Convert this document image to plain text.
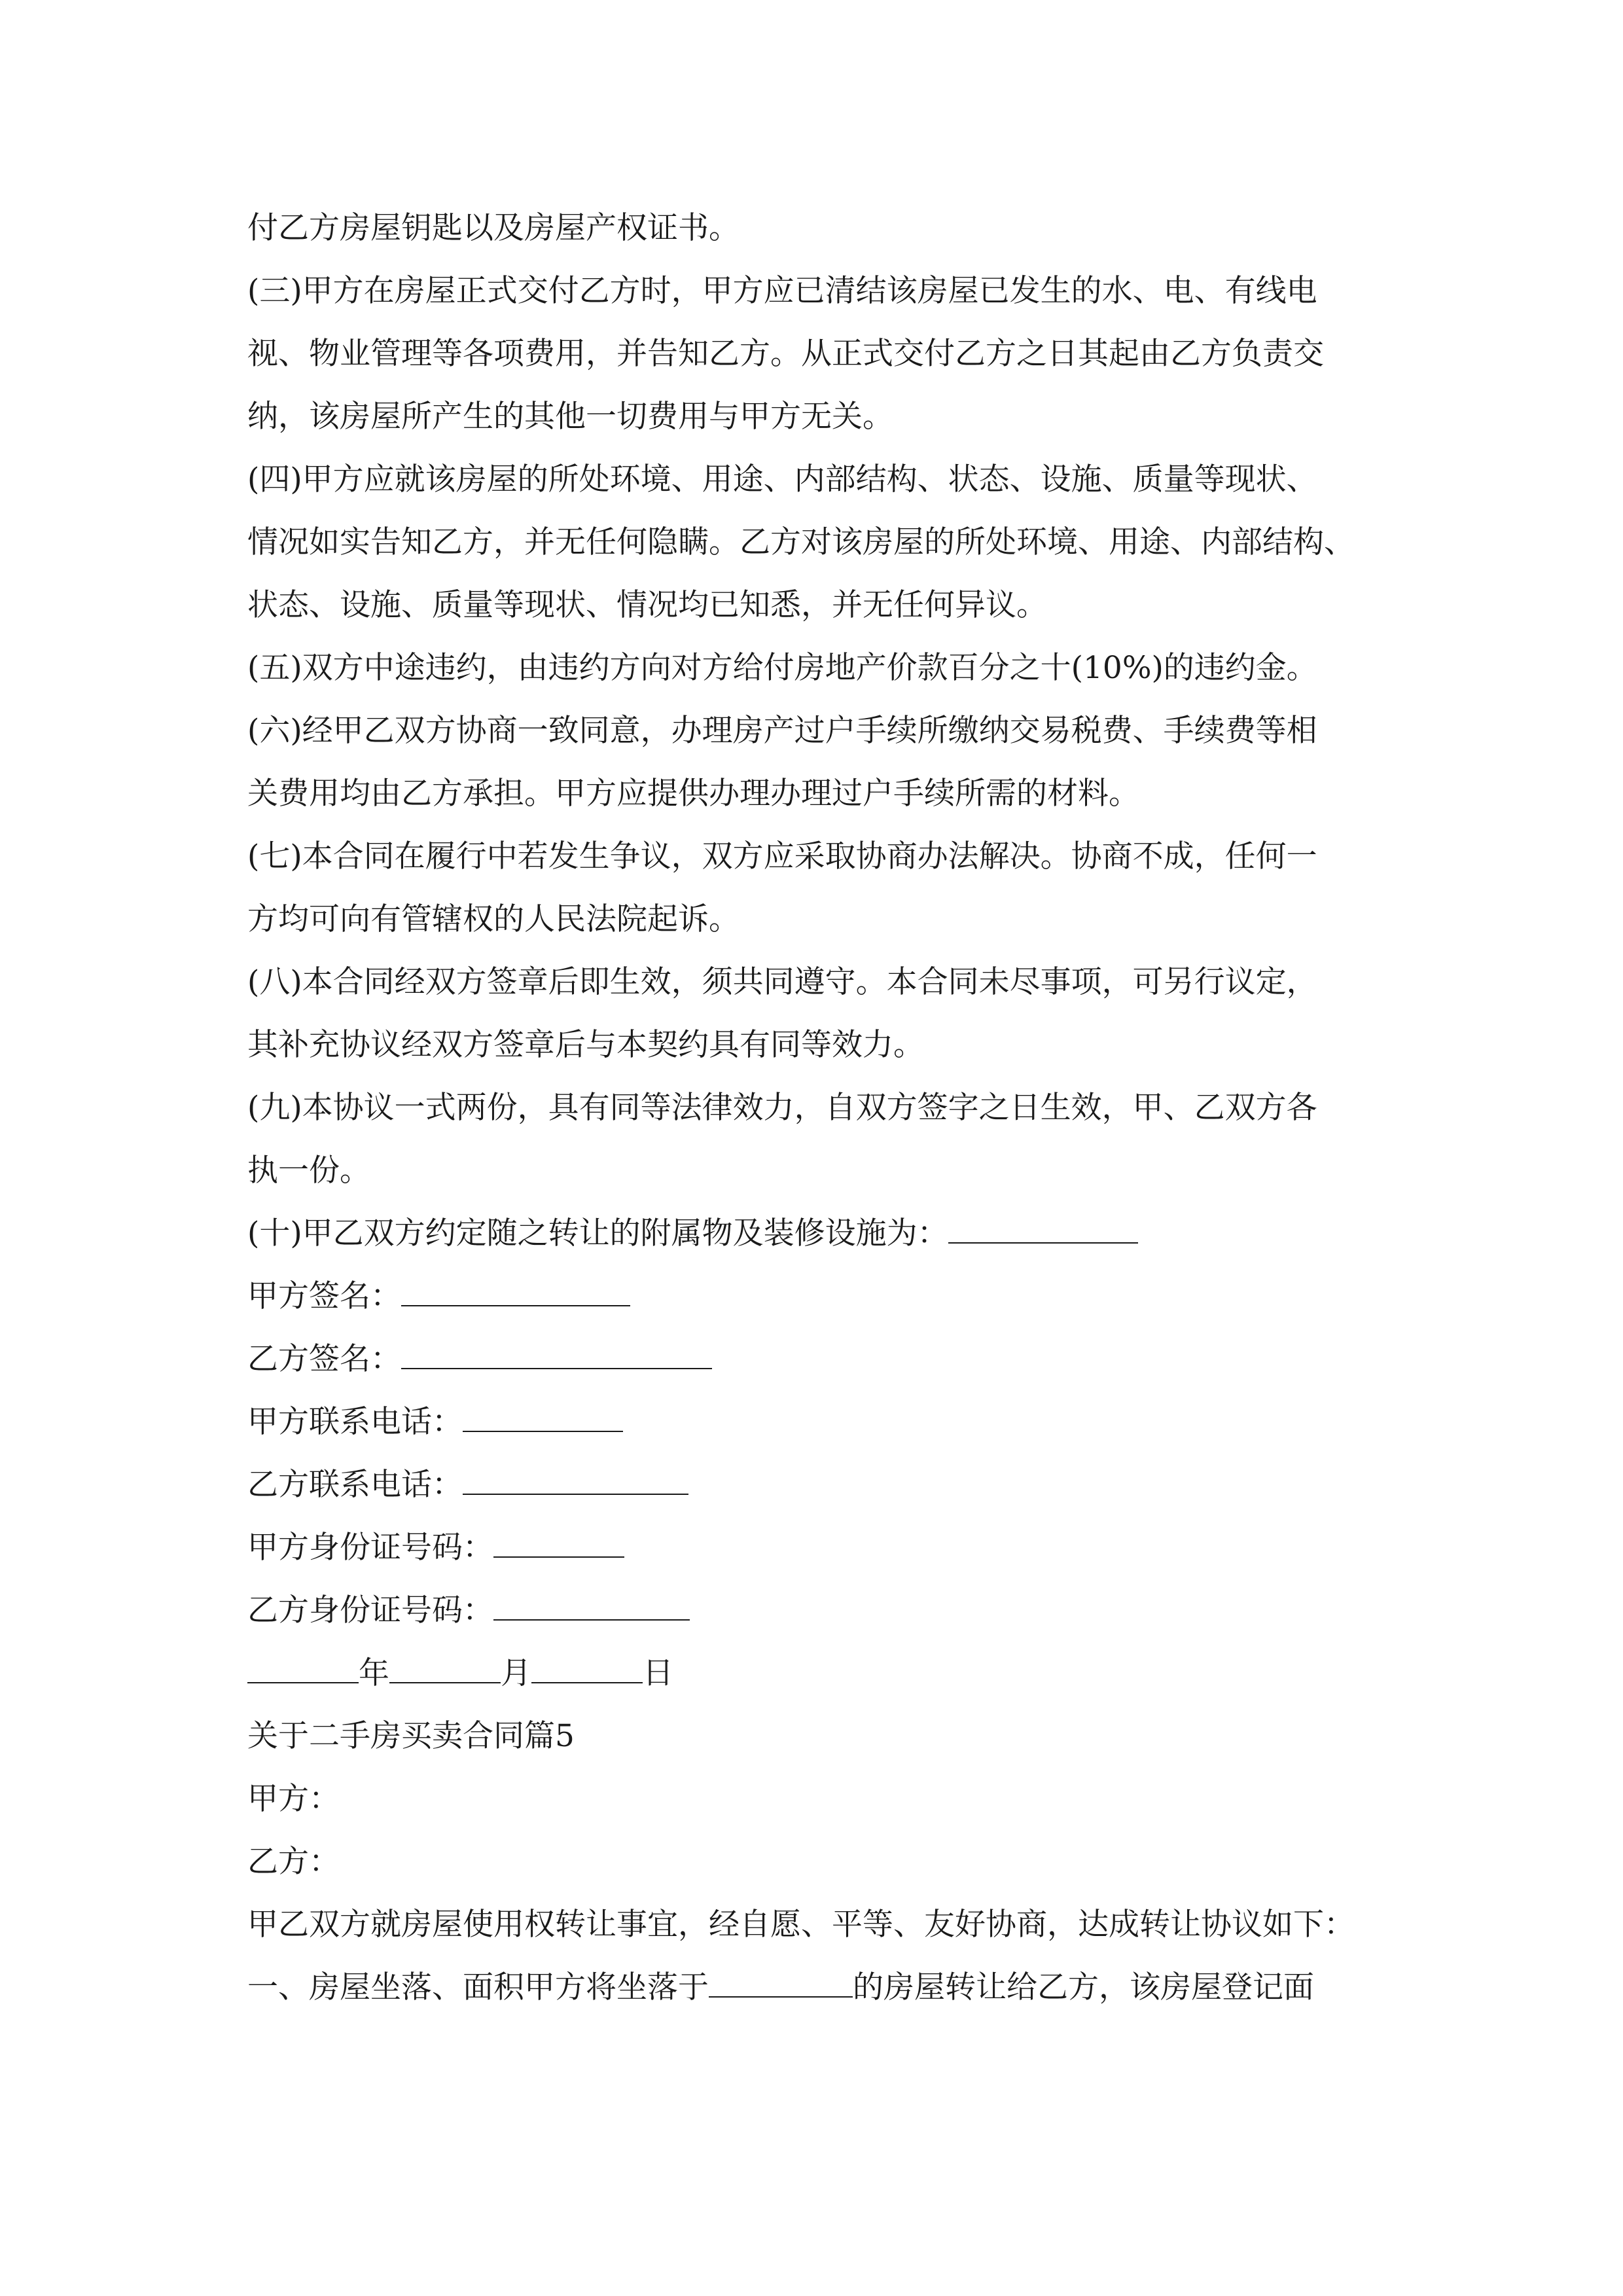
付乙方房屋钥匙以及房屋产权证书。
(三)甲方在房屋正式交付乙方时，甲方应已清结该房屋已发生的水、电、有线电
视、物业管理等各项费用，并告知乙方。从正式交付乙方之日其起由乙方负责交
纳，该房屋所产生的其他一切费用与甲方无关。
(四)甲方应就该房屋的所处环境、用途、内部结构、状态、设施、质量等现状、
情况如实告知乙方，并无任何隐瞒。乙方对该房屋的所处环境、用途、内部结构、
状态、设施、质量等现状、情况均已知悉，并无任何异议。
(五)双方中途违约，由违约方向对方给付房地产价款百分之十(10%)的违约金。
(六)经甲乙双方协商一致同意，办理房产过户手续所缴纳交易税费、手续费等相
关费用均由乙方承担。甲方应提供办理办理过户手续所需的材料。
(七)本合同在履行中若发生争议，双方应采取协商办法解决。协商不成，任何一
方均可向有管辖权的人民法院起诉。
(八)本合同经双方签章后即生效，须共同遵守。本合同未尽事项，可另行议定，
其补充协议经双方签章后与本契约具有同等效力。
(九)本协议一式两份，具有同等法律效力，自双方签字之日生效，甲、乙双方各
执一份。
(十)甲乙双方约定随之转让的附属物及装修设施为：
甲方签名：
乙方签名：
甲方联系电话：
乙方联系电话：
甲方身份证号码：
乙方身份证号码：
年	月	日
关于二手房买卖合同篇5
甲方：
乙方：
甲乙双方就房屋使用权转让事宜，经自愿、平等、友好协商，达成转让协议如下：
一、房屋坐落、面积甲方将坐落于	的房屋转让给乙方，该房屋登记面
